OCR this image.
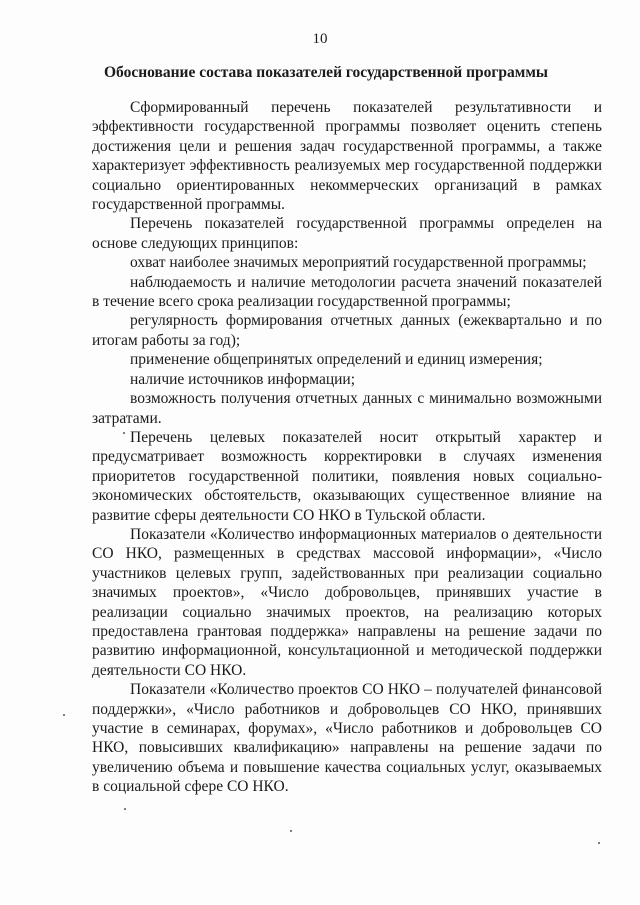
10
Обоснование состава показателей государственной программы

Сформированный перечень показателей результативности и эффективности государственной программы позволяет оценить степень достижения цели и решения задач государственной программы, а также характеризует эффективность реализуемых мер государственной поддержки социально ориентированных некоммерческих организаций в рамках государственной программы.

Перечень показателей государственной программы определен на основе следующих принципов:

охват наиболее значимых мероприятий государственной программы;

наблюдаемость и наличие методологии расчета значений показателей в течение всего срока реализации государственной программы;

регулярность формирования отчетных данных (ежеквартально и по итогам работы за год);

применение общепринятых определений и единиц измерения;

наличие источников информации;

возможность получения отчетных данных с минимально возможными затратами.

Перечень целевых показателей носит открытый характер и предусматривает возможность корректировки в случаях изменения приоритетов государственной политики, появления новых социально-экономических обстоятельств, оказывающих существенное влияние на развитие сферы деятельности СО НКО в Тульской области.

Показатели «Количество информационных материалов о деятельности СО НКО, размещенных в средствах массовой информации», «Число участников целевых групп, задействованных при реализации социально значимых проектов», «Число добровольцев, принявших участие в реализации социально значимых проектов, на реализацию которых предоставлена грантовая поддержка» направлены на решение задачи по развитию информационной, консультационной и методической поддержки деятельности СО НКО.

Показатели «Количество проектов СО НКО – получателей финансовой поддержки», «Число работников и добровольцев СО НКО, принявших участие в семинарах, форумах», «Число работников и добровольцев СО НКО, повысивших квалификацию» направлены на решение задачи по увеличению объема и повышение качества социальных услуг, оказываемых в социальной сфере СО НКО.
